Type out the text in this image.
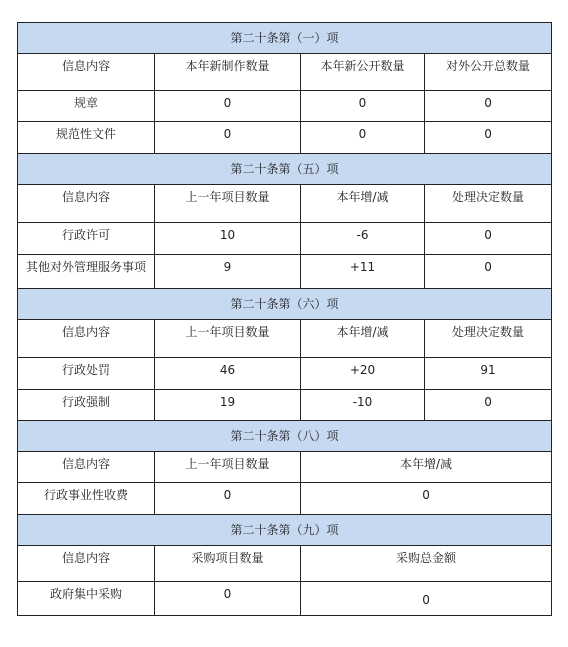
第二十条第（一）项			
信息内容	本年新制作数量	本年新公开数量	对外公开总数量
规章	0	0	0
规范性文件	0	0	0
第二十条第（五）项			
信息内容	上一年项目数量	本年增/减	处理决定数量
行政许可	10	-6	0
其他对外管理服务事项	9	+11	0
第二十条第（六）项			
信息内容	上一年项目数量	本年增/减	处理决定数量
行政处罚	46	+20	91
行政强制	19	-10	0
第二十条第（八）项			
信息内容	上一年项目数量	本年增/减	
行政事业性收费	0	0	
第二十条第（九）项			
信息内容	采购项目数量	采购总金额	
政府集中采购	0	0	
